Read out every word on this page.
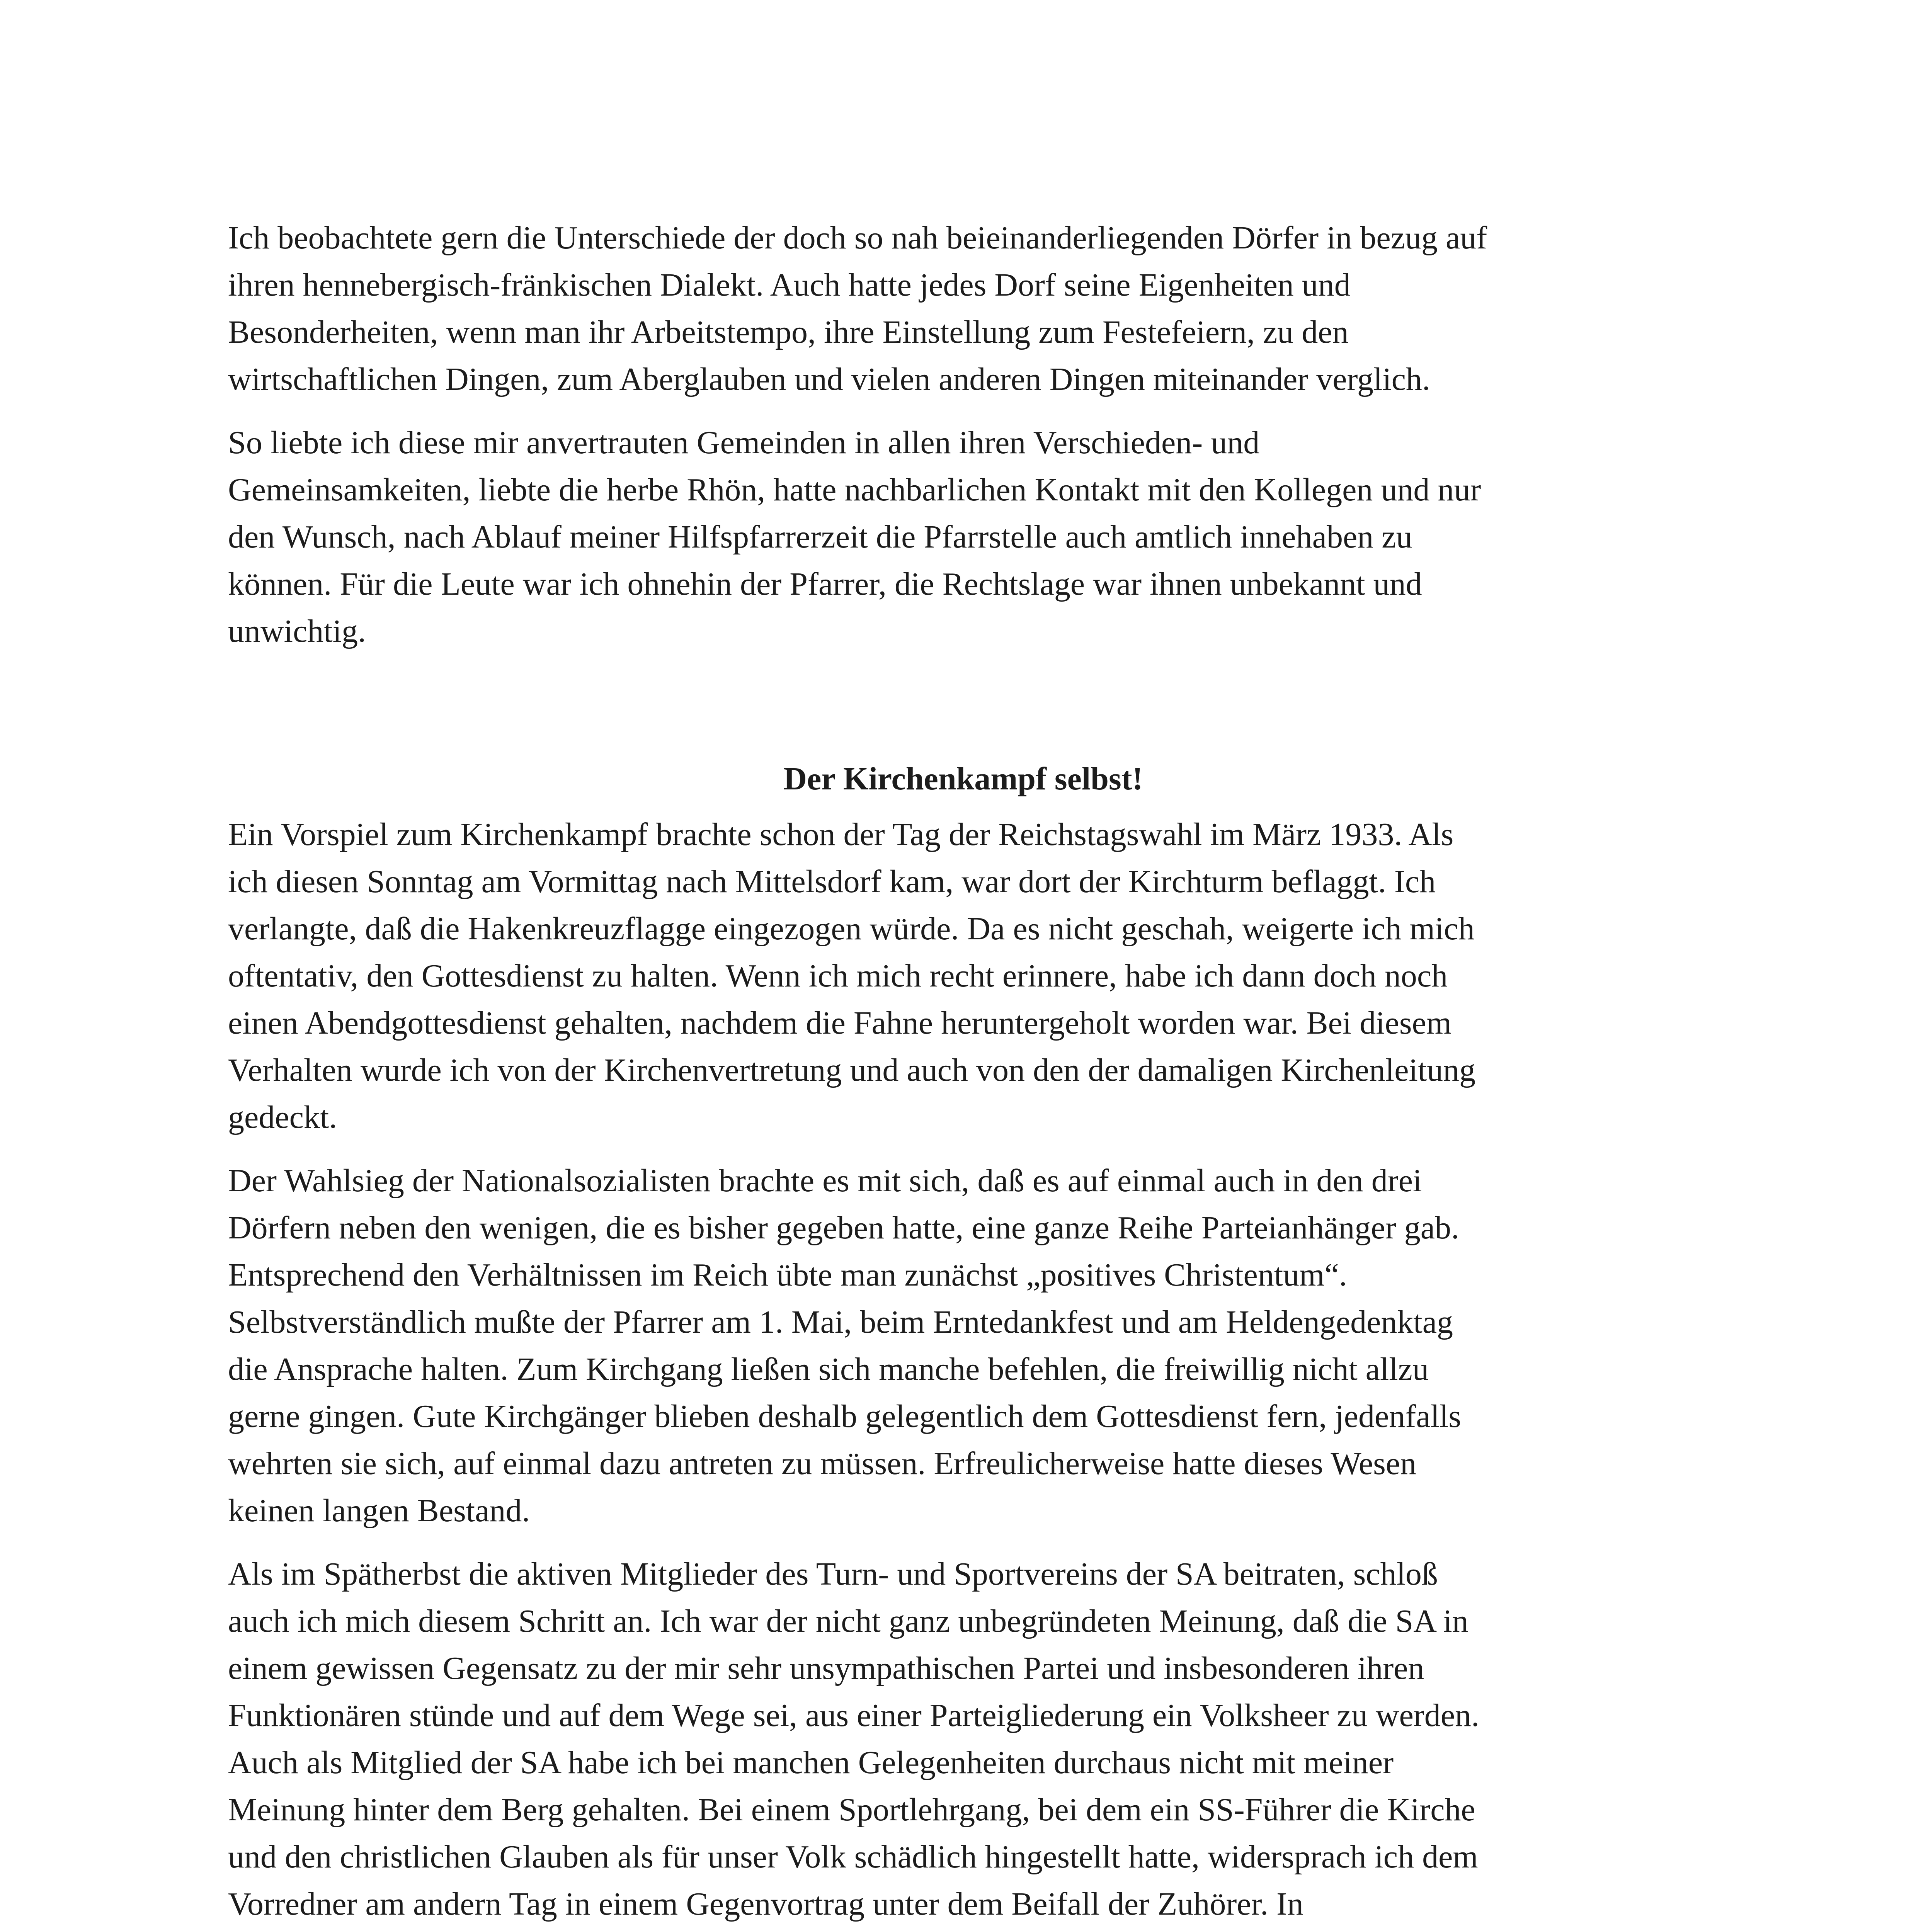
Ich beobachtete gern die Unterschiede der doch so nah beieinanderliegenden Dörfer in bezug auf
ihren hennebergisch-fränkischen Dialekt. Auch hatte jedes Dorf seine Eigenheiten und
Besonderheiten, wenn man ihr Arbeitstempo, ihre Einstellung zum Festefeiern, zu den
wirtschaftlichen Dingen, zum Aberglauben und vielen anderen Dingen miteinander verglich.
So liebte ich diese mir anvertrauten Gemeinden in allen ihren Verschieden- und
Gemeinsamkeiten, liebte die herbe Rhön, hatte nachbarlichen Kontakt mit den Kollegen und nur
den Wunsch, nach Ablauf meiner Hilfspfarrerzeit die Pfarrstelle auch amtlich innehaben zu
können. Für die Leute war ich ohnehin der Pfarrer, die Rechtslage war ihnen unbekannt und
unwichtig.
Der Kirchenkampf selbst!
Ein Vorspiel zum Kirchenkampf brachte schon der Tag der Reichstagswahl im März 1933. Als
ich diesen Sonntag am Vormittag nach Mittelsdorf kam, war dort der Kirchturm beflaggt. Ich
verlangte, daß die Hakenkreuzflagge eingezogen würde. Da es nicht geschah, weigerte ich mich
oftentativ, den Gottesdienst zu halten. Wenn ich mich recht erinnere, habe ich dann doch noch
einen Abendgottesdienst gehalten, nachdem die Fahne heruntergeholt worden war. Bei diesem
Verhalten wurde ich von der Kirchenvertretung und auch von den der damaligen Kirchenleitung
gedeckt.
Der Wahlsieg der Nationalsozialisten brachte es mit sich, daß es auf einmal auch in den drei
Dörfern neben den wenigen, die es bisher gegeben hatte, eine ganze Reihe Parteianhänger gab.
Entsprechend den Verhältnissen im Reich übte man zunächst „positives Christentum“.
Selbstverständlich mußte der Pfarrer am 1. Mai, beim Erntedankfest und am Heldengedenktag
die Ansprache halten. Zum Kirchgang ließen sich manche befehlen, die freiwillig nicht allzu
gerne gingen. Gute Kirchgänger blieben deshalb gelegentlich dem Gottesdienst fern, jedenfalls
wehrten sie sich, auf einmal dazu antreten zu müssen. Erfreulicherweise hatte dieses Wesen
keinen langen Bestand.
Als im Spätherbst die aktiven Mitglieder des Turn- und Sportvereins der SA beitraten, schloß
auch ich mich diesem Schritt an. Ich war der nicht ganz unbegründeten Meinung, daß die SA in
einem gewissen Gegensatz zu der mir sehr unsympathischen Partei und insbesonderen ihren
Funktionären stünde und auf dem Wege sei, aus einer Parteigliederung ein Volksheer zu werden.
Auch als Mitglied der SA habe ich bei manchen Gelegenheiten durchaus nicht mit meiner
Meinung hinter dem Berg gehalten. Bei einem Sportlehrgang, bei dem ein SS-Führer die Kirche
und den christlichen Glauben als für unser Volk schädlich hingestellt hatte, widersprach ich dem
Vorredner am andern Tag in einem Gegenvortrag unter dem Beifall der Zuhörer. In
